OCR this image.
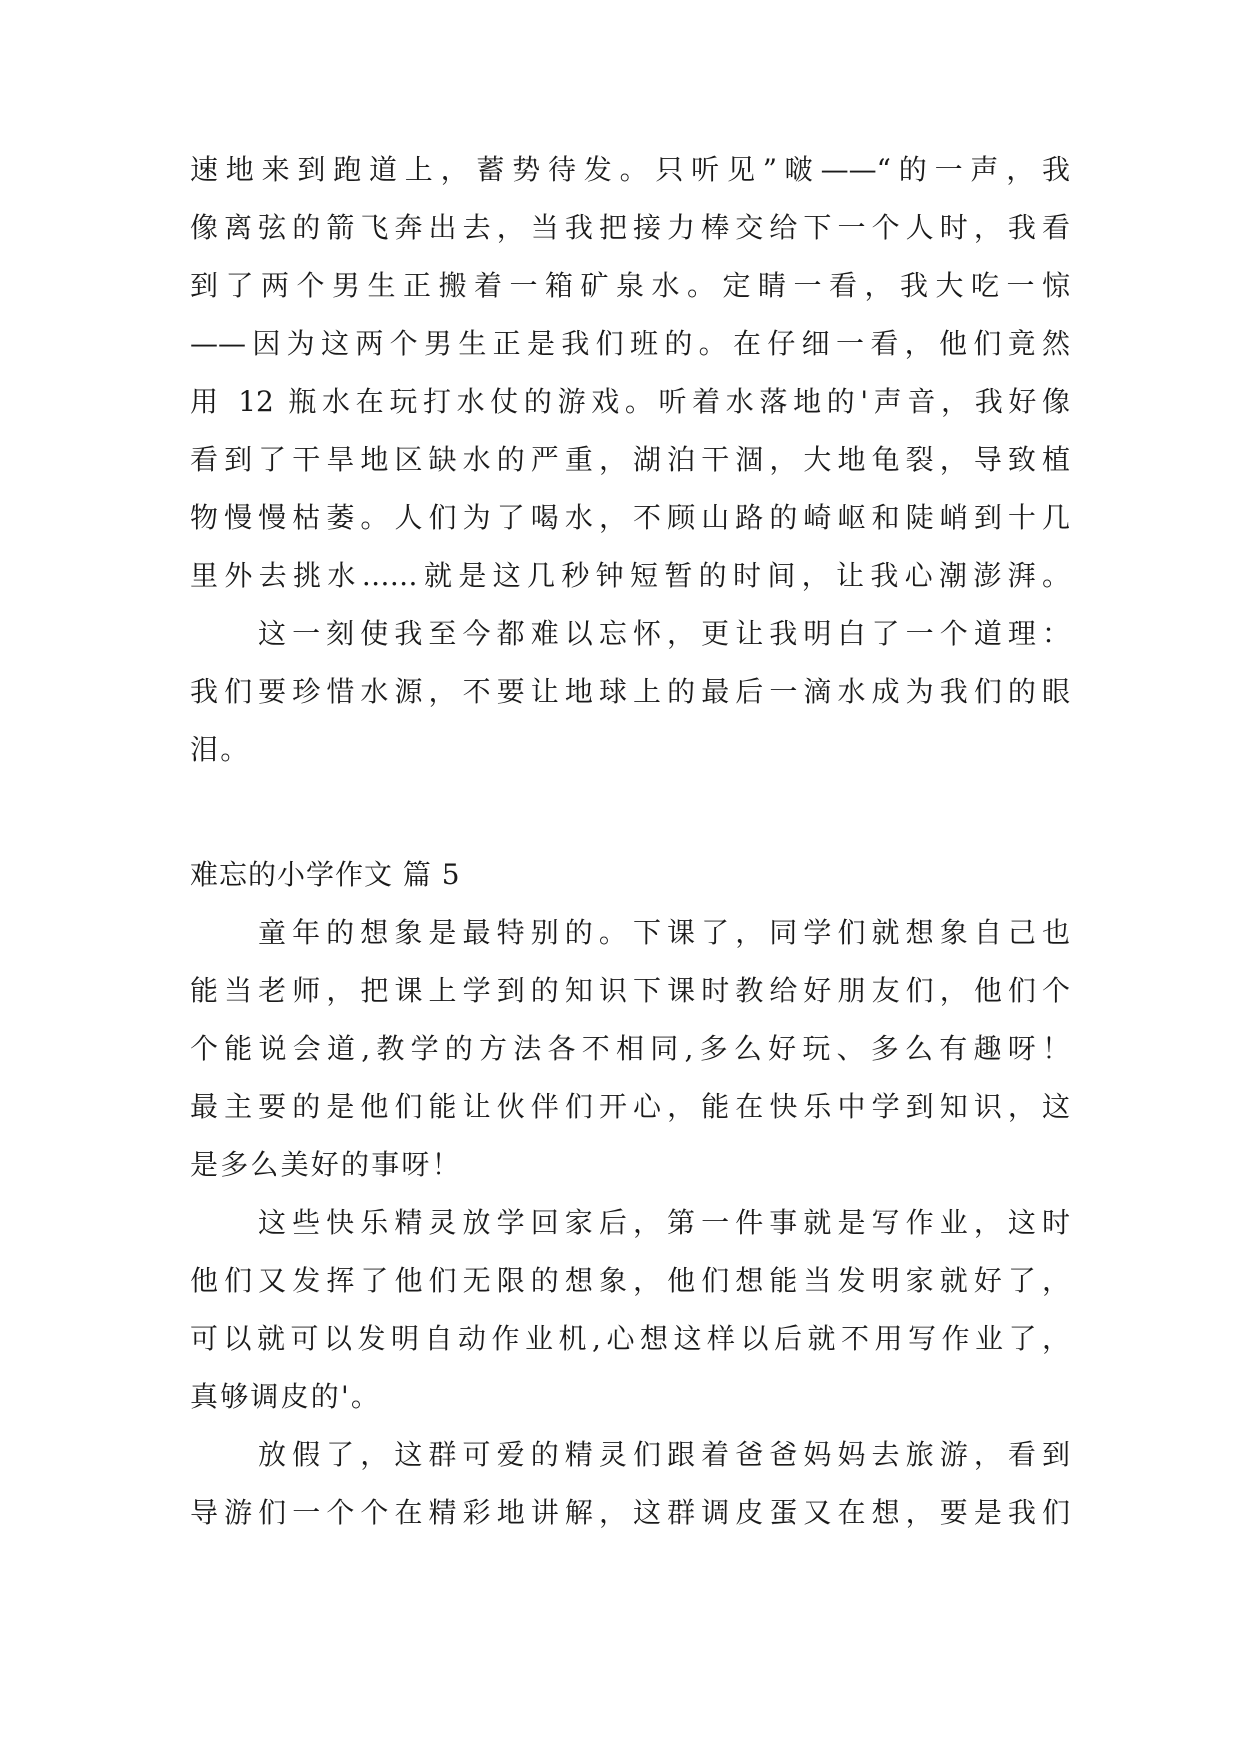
速地来到跑道上，蓄势待发。只听见”啵——“的一声，我
像离弦的箭飞奔出去，当我把接力棒交给下一个人时，我看
到了两个男生正搬着一箱矿泉水。定睛一看，我大吃一惊
——因为这两个男生正是我们班的。在仔细一看，他们竟然
用 12 瓶水在玩打水仗的游戏。听着水落地的'声音，我好像
看到了干旱地区缺水的严重，湖泊干涸，大地龟裂，导致植
物慢慢枯萎。人们为了喝水，不顾山路的崎岖和陡峭到十几
里外去挑水……就是这几秒钟短暂的时间，让我心潮澎湃。
这一刻使我至今都难以忘怀，更让我明白了一个道理：
我们要珍惜水源，不要让地球上的最后一滴水成为我们的眼
泪。
难忘的小学作文 篇 5
童年的想象是最特别的。下课了，同学们就想象自己也
能当老师，把课上学到的知识下课时教给好朋友们，他们个
个能说会道,教学的方法各不相同,多么好玩、多么有趣呀！
最主要的是他们能让伙伴们开心，能在快乐中学到知识，这
是多么美好的事呀！
这些快乐精灵放学回家后，第一件事就是写作业，这时
他们又发挥了他们无限的想象，他们想能当发明家就好了，
可以就可以发明自动作业机,心想这样以后就不用写作业了，
真够调皮的'。
放假了，这群可爱的精灵们跟着爸爸妈妈去旅游，看到
导游们一个个在精彩地讲解，这群调皮蛋又在想，要是我们
